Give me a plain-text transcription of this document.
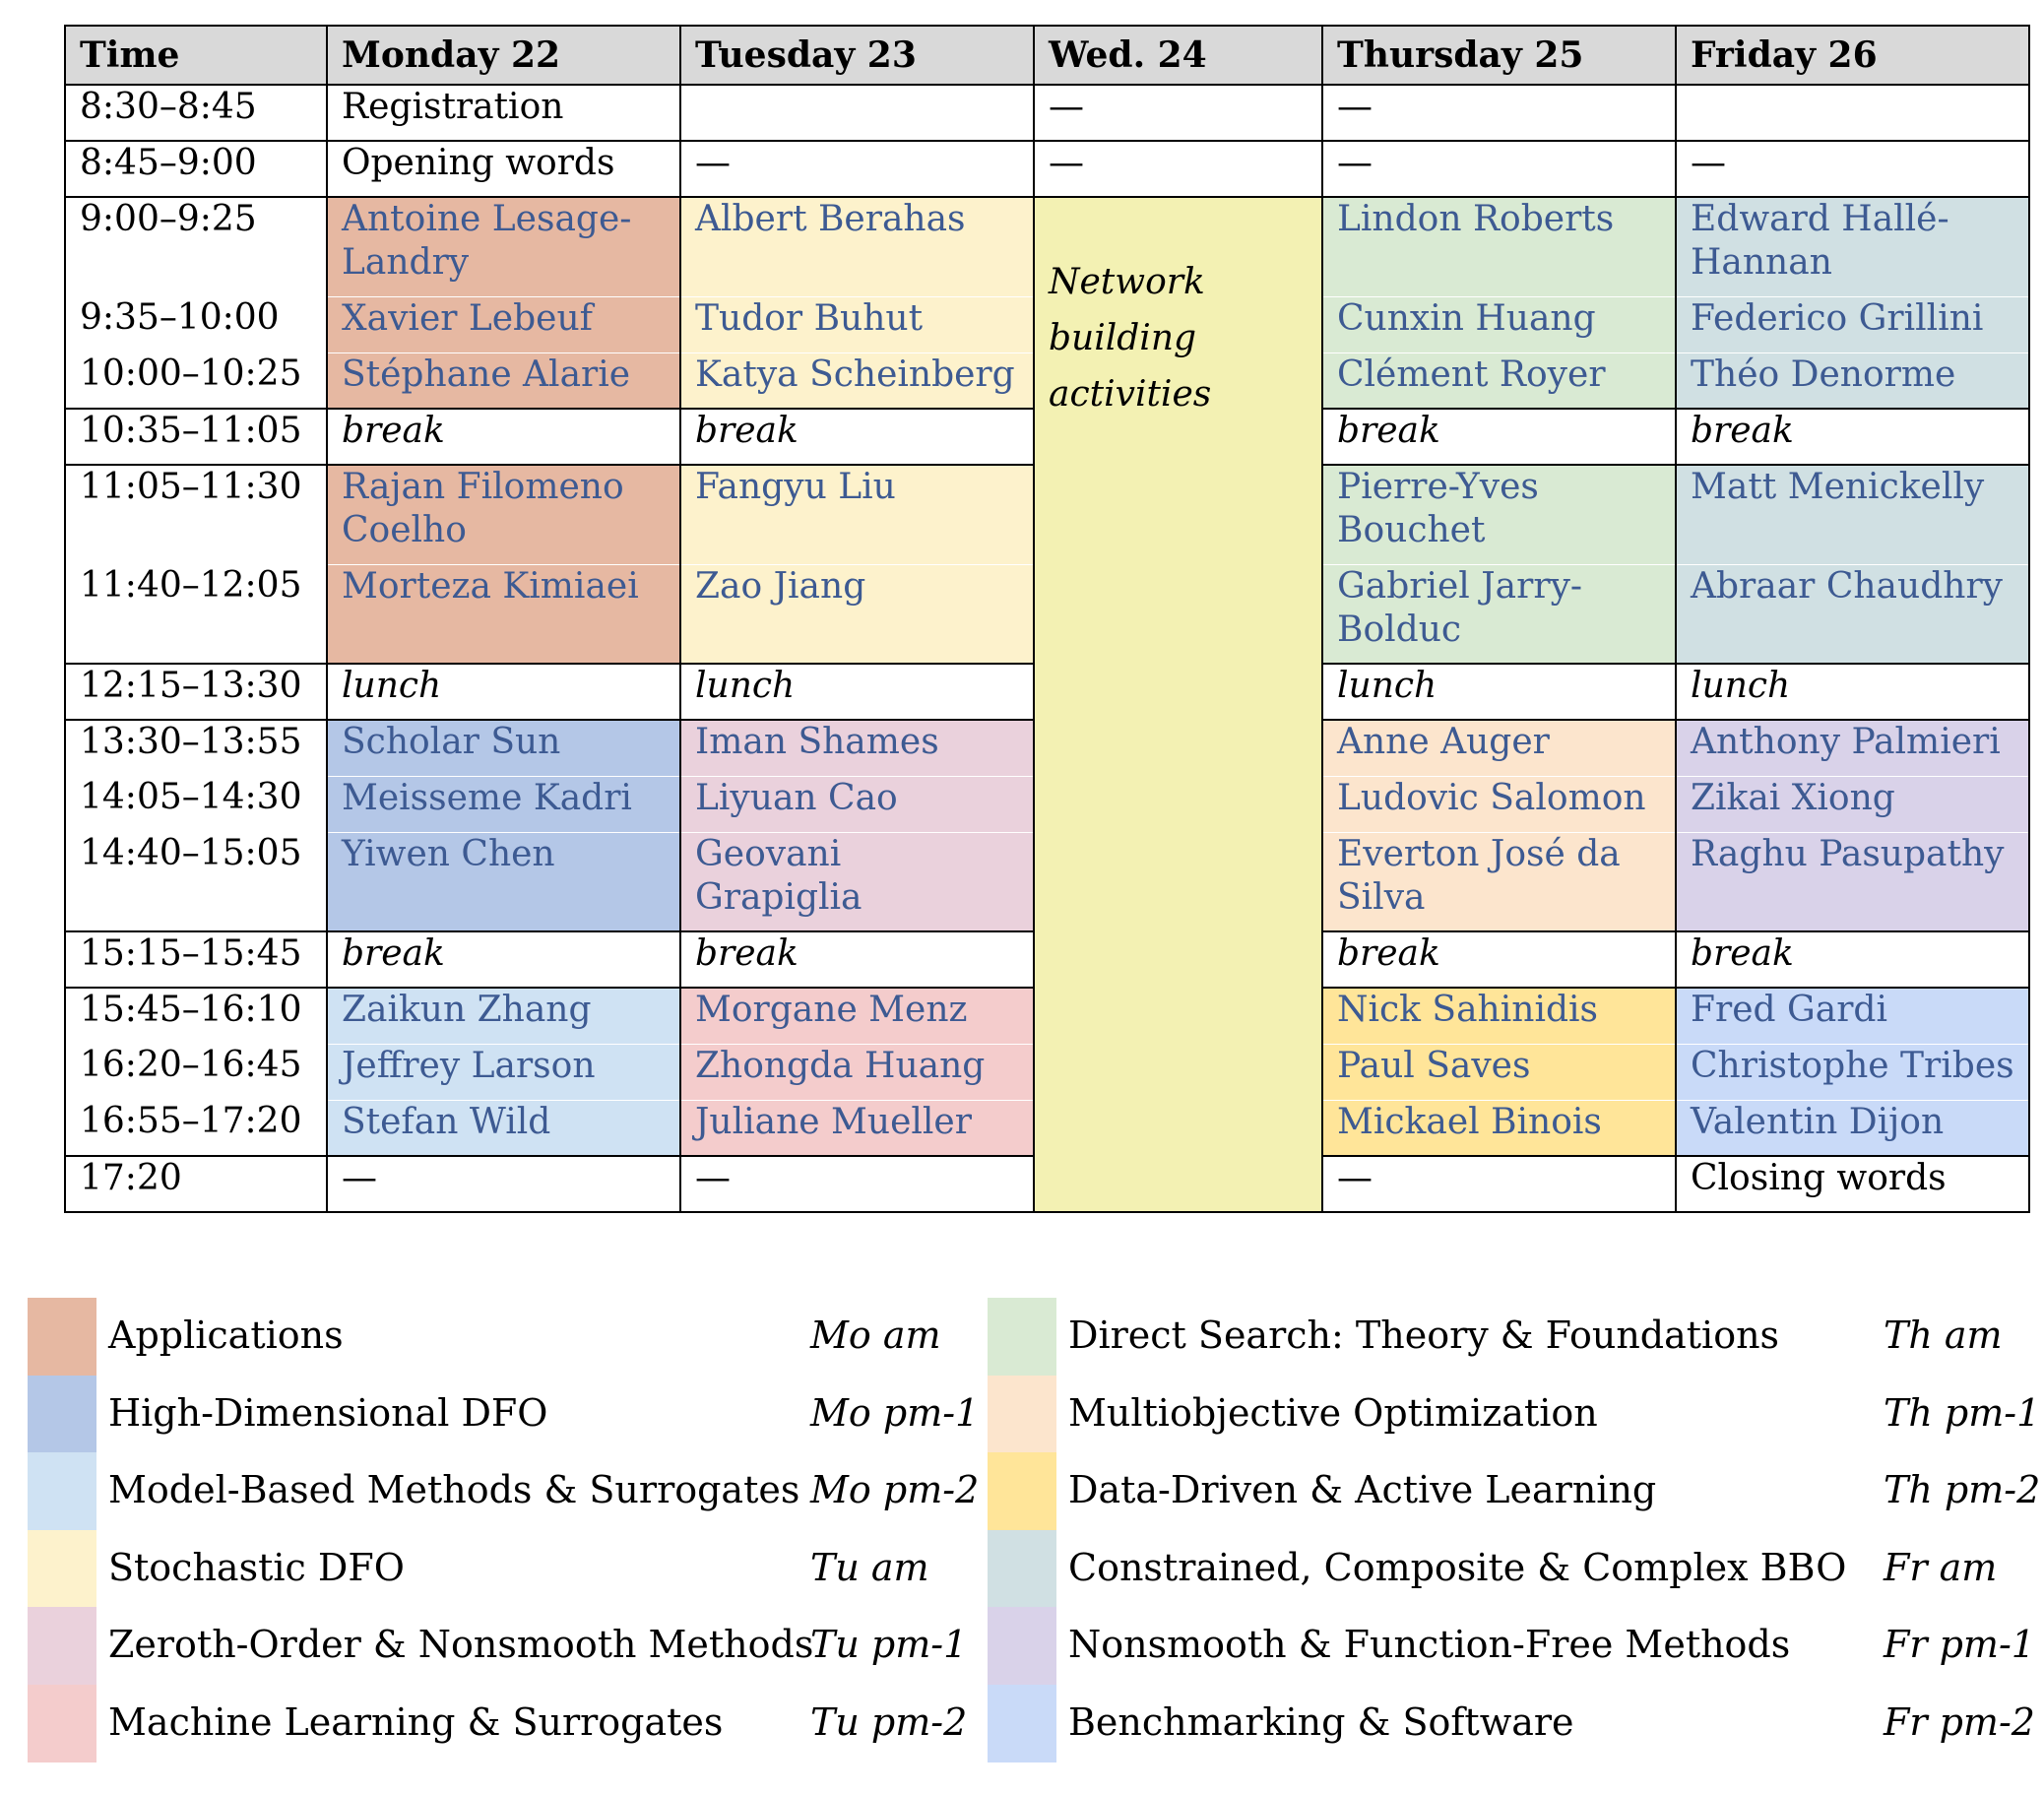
Time	Monday 22	Tuesday 23	Wed. 24	Thursday 25	Friday 26
8:30–8:45	Registration		—	—	
8:45–9:00	Opening words	—	—	—	—
9:00–9:25	Antoine Lesage-Landry	Albert Berahas	Network building activities	Lindon Roberts	Edward Hallé-Hannan
9:35–10:00	Xavier Lebeuf	Tudor Buhut		Cunxin Huang	Federico Grillini
10:00–10:25	Stéphane Alarie	Katya Scheinberg		Clément Royer	Théo Denorme
10:35–11:05	break	break		break	break
11:05–11:30	Rajan Filomeno Coelho	Fangyu Liu		Pierre-Yves Bouchet	Matt Menickelly
11:40–12:05	Morteza Kimiaei	Zao Jiang		Gabriel Jarry-Bolduc	Abraar Chaudhry
12:15–13:30	lunch	lunch		lunch	lunch
13:30–13:55	Scholar Sun	Iman Shames		Anne Auger	Anthony Palmieri
14:05–14:30	Meisseme Kadri	Liyuan Cao		Ludovic Salomon	Zikai Xiong
14:40–15:05	Yiwen Chen	Geovani Grapiglia		Everton José da Silva	Raghu Pasupathy
15:15–15:45	break	break		break	break
15:45–16:10	Zaikun Zhang	Morgane Menz		Nick Sahinidis	Fred Gardi
16:20–16:45	Jeffrey Larson	Zhongda Huang		Paul Saves	Christophe Tribes
16:55–17:20	Stefan Wild	Juliane Mueller		Mickael Binois	Valentin Dijon
17:20	—	—		—	Closing words
Applications	Mo am
High-Dimensional DFO	Mo pm-1
Model-Based Methods & Surrogates Mo pm-2
Stochastic DFO	Tu am
Zeroth-Order & Nonsmooth Methods
Tu pm-1
Machine Learning & Surrogates Tu pm-2
Direct Search: Theory & Foundations	Th am
Multiobjective Optimization	Th pm-1
Data-Driven & Active Learning	Th pm-2
Constrained, Composite & Complex BBO Fr am
Nonsmooth & Function-Free Methods Fr pm-1
Benchmarking & Software	Fr pm-2
